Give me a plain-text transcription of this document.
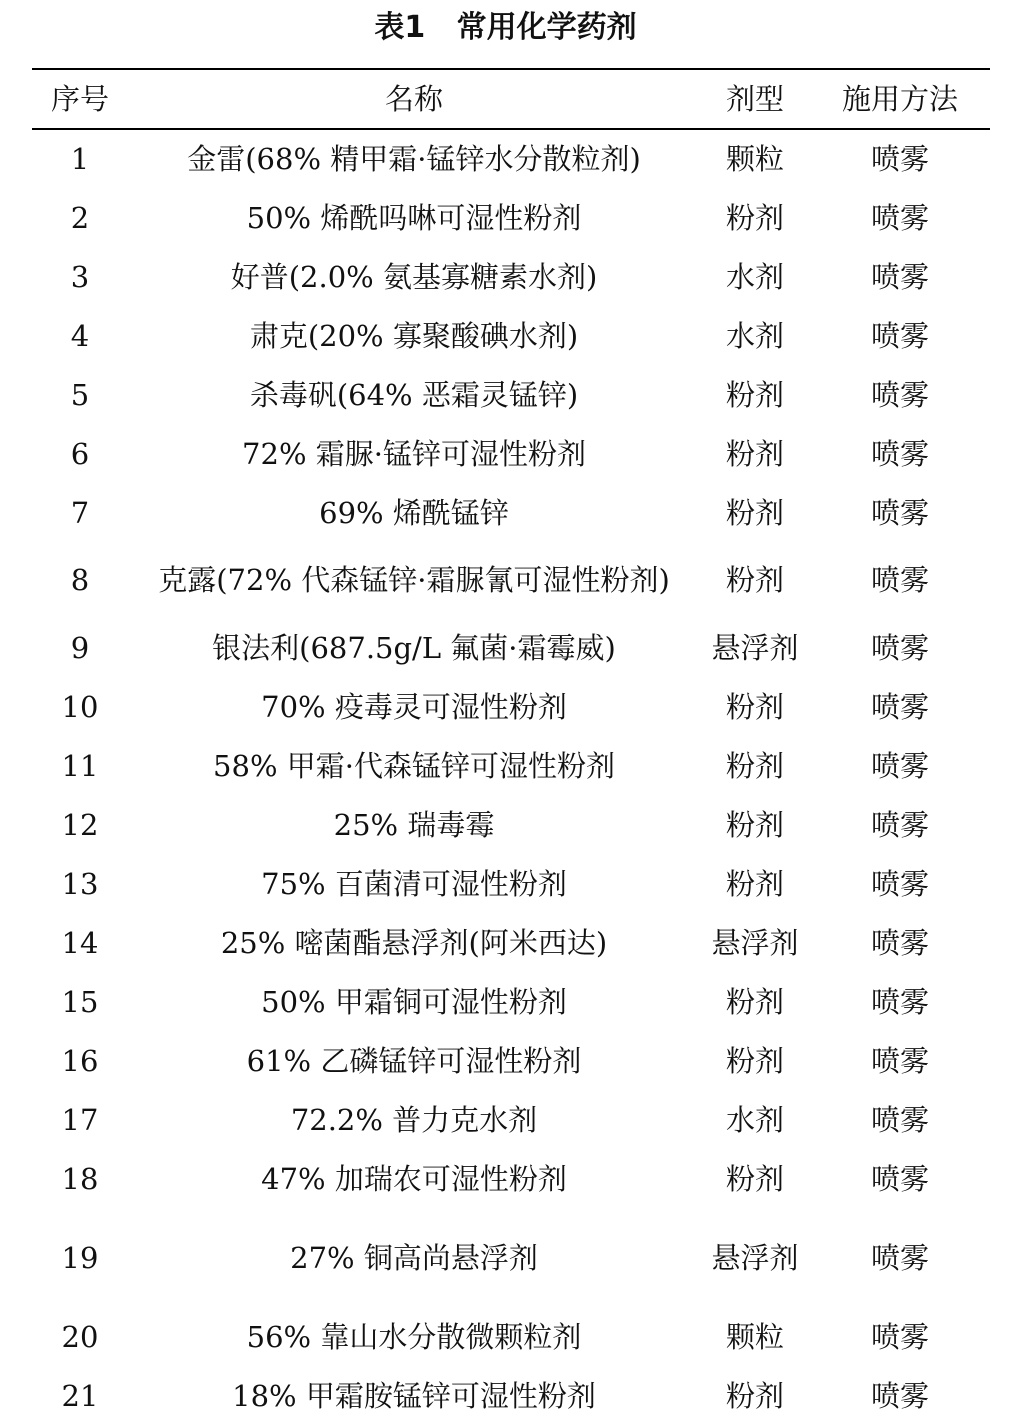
表1   常用化学药剂
序号	名称	剂型	施用方法
1	金雷(68% 精甲霜·锰锌水分散粒剂)	颗粒	喷雾
2	50% 烯酰吗啉可湿性粉剂	粉剂	喷雾
3	好普(2.0% 氨基寡糖素水剂)	水剂	喷雾
4	肃克(20% 寡聚酸碘水剂)	水剂	喷雾
5	杀毒矾(64% 恶霜灵锰锌)	粉剂	喷雾
6	72% 霜脲·锰锌可湿性粉剂	粉剂	喷雾
7	69% 烯酰锰锌	粉剂	喷雾
8	克露(72% 代森锰锌·霜脲氰可湿性粉剂)	粉剂	喷雾
9	银法利(687.5g/L 氟菌·霜霉威)	悬浮剂	喷雾
10	70% 疫毒灵可湿性粉剂	粉剂	喷雾
11	58% 甲霜·代森锰锌可湿性粉剂	粉剂	喷雾
12	25% 瑞毒霉	粉剂	喷雾
13	75% 百菌清可湿性粉剂	粉剂	喷雾
14	25% 嘧菌酯悬浮剂(阿米西达)	悬浮剂	喷雾
15	50% 甲霜铜可湿性粉剂	粉剂	喷雾
16	61% 乙磷锰锌可湿性粉剂	粉剂	喷雾
17	72.2% 普力克水剂	水剂	喷雾
18	47% 加瑞农可湿性粉剂	粉剂	喷雾
19	27% 铜高尚悬浮剂	悬浮剂	喷雾
20	56% 靠山水分散微颗粒剂	颗粒	喷雾
21	18% 甲霜胺锰锌可湿性粉剂	粉剂	喷雾
